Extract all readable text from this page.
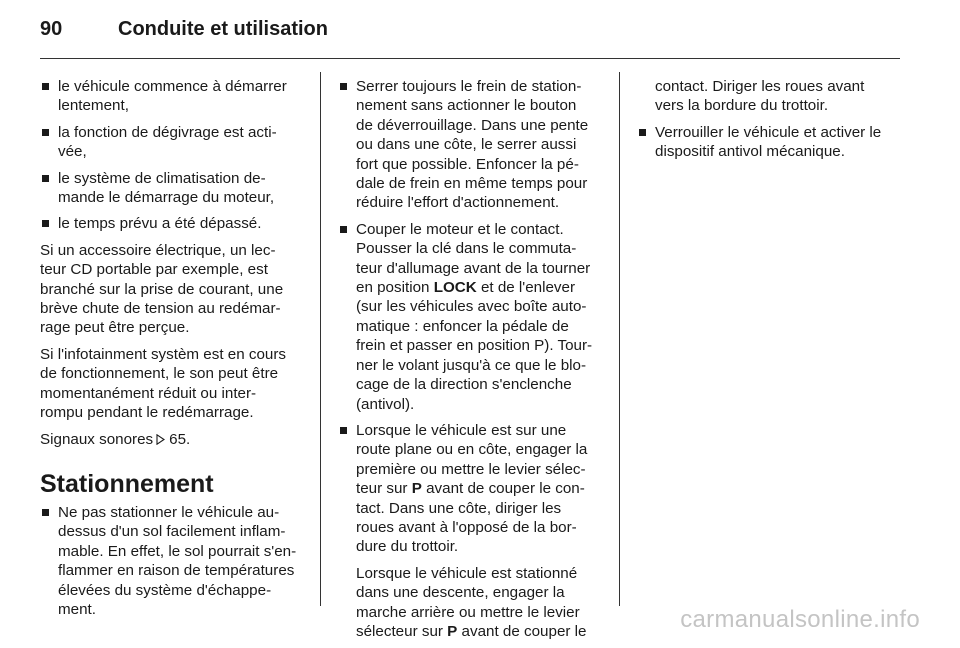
90	Conduite et utilisation
le véhicule commence à démarrer
lentement,
la fonction de dégivrage est acti-
vée,
le système de climatisation de-
mande le démarrage du moteur,
le temps prévu a été dépassé.
Si un accessoire électrique, un lec-
teur CD portable par exemple, est
branché sur la prise de courant, une
brève chute de tension au redémar-
rage peut être perçue.
Si l'infotainment systèm est en cours
de fonctionnement, le son peut être
momentanément réduit ou inter-
rompu pendant le redémarrage.
Signaux sonores 65.
Stationnement
Ne pas stationner le véhicule au-
dessus d'un sol facilement inflam-
mable. En effet, le sol pourrait s'en-
flammer en raison de températures
élevées du système d'échappe-
ment.
Serrer toujours le frein de station-
nement sans actionner le bouton
de déverrouillage. Dans une pente
ou dans une côte, le serrer aussi
fort que possible. Enfoncer la pé-
dale de frein en même temps pour
réduire l'effort d'actionnement.
Couper le moteur et le contact.
Pousser la clé dans le commuta-
teur d'allumage avant de la tourner
en position LOCK et de l'enlever
(sur les véhicules avec boîte auto-
matique : enfoncer la pédale de
frein et passer en position P). Tour-
ner le volant jusqu'à ce que le blo-
cage de la direction s'enclenche
(antivol).
Lorsque le véhicule est sur une
route plane ou en côte, engager la
première ou mettre le levier sélec-
teur sur P avant de couper le con-
tact. Dans une côte, diriger les
roues avant à l'opposé de la bor-
dure du trottoir.
Lorsque le véhicule est stationné
dans une descente, engager la
marche arrière ou mettre le levier
sélecteur sur P avant de couper le
contact. Diriger les roues avant
vers la bordure du trottoir.
Verrouiller le véhicule et activer le
dispositif antivol mécanique.
carmanualsonline.info
